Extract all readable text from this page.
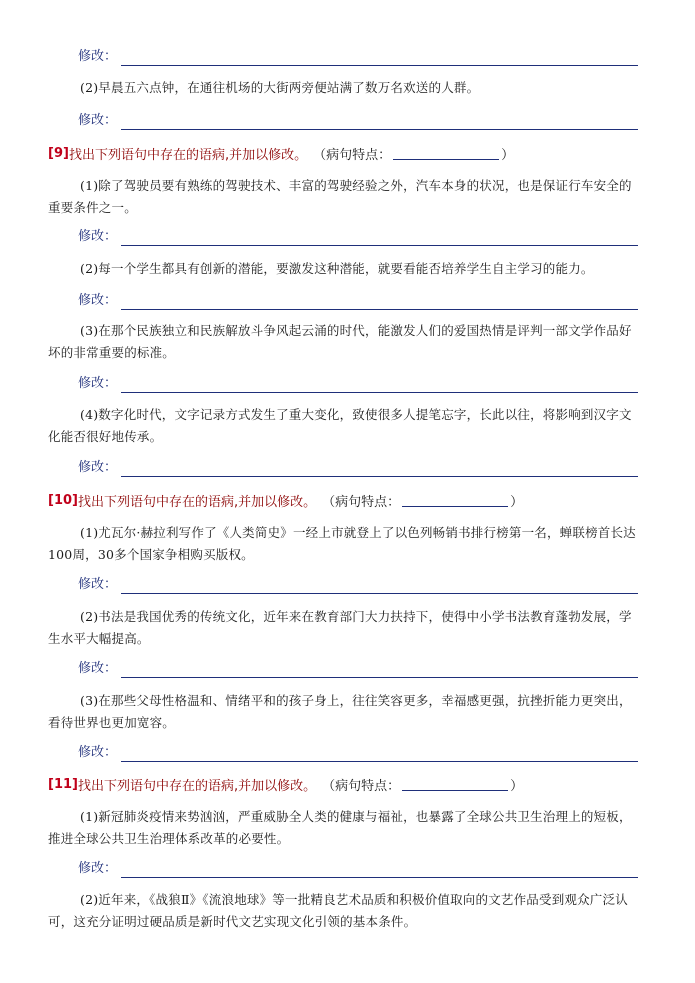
修改：
(2)早晨五六点钟，在通往机场的大街两旁便站满了数万名欢送的人群。
修改：
[9] 找出下列语句中存在的语病,并加以修改。 （病句特点：	）
(1)除了驾驶员要有熟练的驾驶技术、丰富的驾驶经验之外，汽车本身的状况，也是保证行车安全的重要条件之一。
修改：
(2)每一个学生都具有创新的潜能，要激发这种潜能，就要看能否培养学生自主学习的能力。
修改：
(3)在那个民族独立和民族解放斗争风起云涌的时代，能激发人们的爱国热情是评判一部文学作品好坏的非常重要的标准。
修改：
(4)数字化时代，文字记录方式发生了重大变化，致使很多人提笔忘字，长此以往，将影响到汉字文化能否很好地传承。
修改：
[10] 找出下列语句中存在的语病,并加以修改。 （病句特点：	）
(1)尤瓦尔·赫拉利写作了《人类简史》一经上市就登上了以色列畅销书排行榜第一名，蝉联榜首长达100周，30多个国家争相购买版权。
修改：
(2)书法是我国优秀的传统文化，近年来在教育部门大力扶持下，使得中小学书法教育蓬勃发展，学生水平大幅提高。
修改：
(3)在那些父母性格温和、情绪平和的孩子身上，往往笑容更多，幸福感更强，抗挫折能力更突出，看待世界也更加宽容。
修改：
[11] 找出下列语句中存在的语病,并加以修改。 （病句特点：	）
(1)新冠肺炎疫情来势汹汹，严重威胁全人类的健康与福祉，也暴露了全球公共卫生治理上的短板，推进全球公共卫生治理体系改革的必要性。
修改：
(2)近年来，《战狼Ⅱ》《流浪地球》等一批精良艺术品质和积极价值取向的文艺作品受到观众广泛认可，这充分证明过硬品质是新时代文艺实现文化引领的基本条件。
